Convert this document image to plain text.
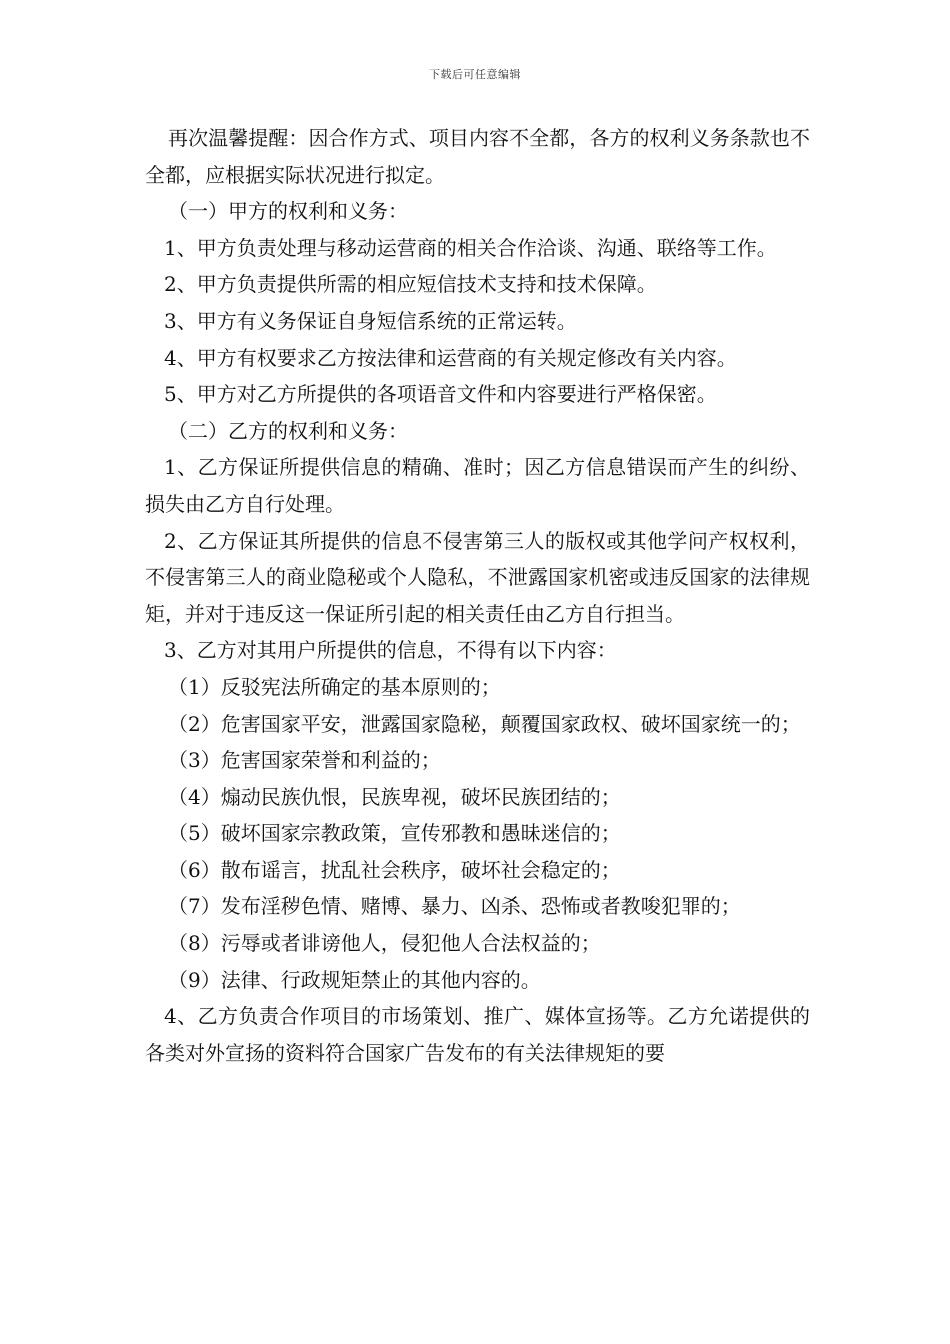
下载后可任意编辑

再次温馨提醒：因合作方式、项目内容不全都，各方的权利义务条款也不全都，应根据实际状况进行拟定。

（一）甲方的权利和义务：

1、甲方负责处理与移动运营商的相关合作洽谈、沟通、联络等工作。

2、甲方负责提供所需的相应短信技术支持和技术保障。

3、甲方有义务保证自身短信系统的正常运转。

4、甲方有权要求乙方按法律和运营商的有关规定修改有关内容。

5、甲方对乙方所提供的各项语音文件和内容要进行严格保密。

（二）乙方的权利和义务：

1、乙方保证所提供信息的精确、准时；因乙方信息错误而产生的纠纷、损失由乙方自行处理。

2、乙方保证其所提供的信息不侵害第三人的版权或其他学问产权权利，不侵害第三人的商业隐秘或个人隐私，不泄露国家机密或违反国家的法律规矩，并对于违反这一保证所引起的相关责任由乙方自行担当。

3、乙方对其用户所提供的信息，不得有以下内容：

（1）反驳宪法所确定的基本原则的；

（2）危害国家平安，泄露国家隐秘，颠覆国家政权、破坏国家统一的；

（3）危害国家荣誉和利益的；

（4）煽动民族仇恨，民族卑视，破坏民族团结的；

（5）破坏国家宗教政策，宣传邪教和愚昧迷信的；

（6）散布谣言，扰乱社会秩序，破坏社会稳定的；

（7）发布淫秽色情、赌博、暴力、凶杀、恐怖或者教唆犯罪的；

（8）污辱或者诽谤他人，侵犯他人合法权益的；

（9）法律、行政规矩禁止的其他内容的。

4、乙方负责合作项目的市场策划、推广、媒体宣扬等。乙方允诺提供的各类对外宣扬的资料符合国家广告发布的有关法律规矩的要
